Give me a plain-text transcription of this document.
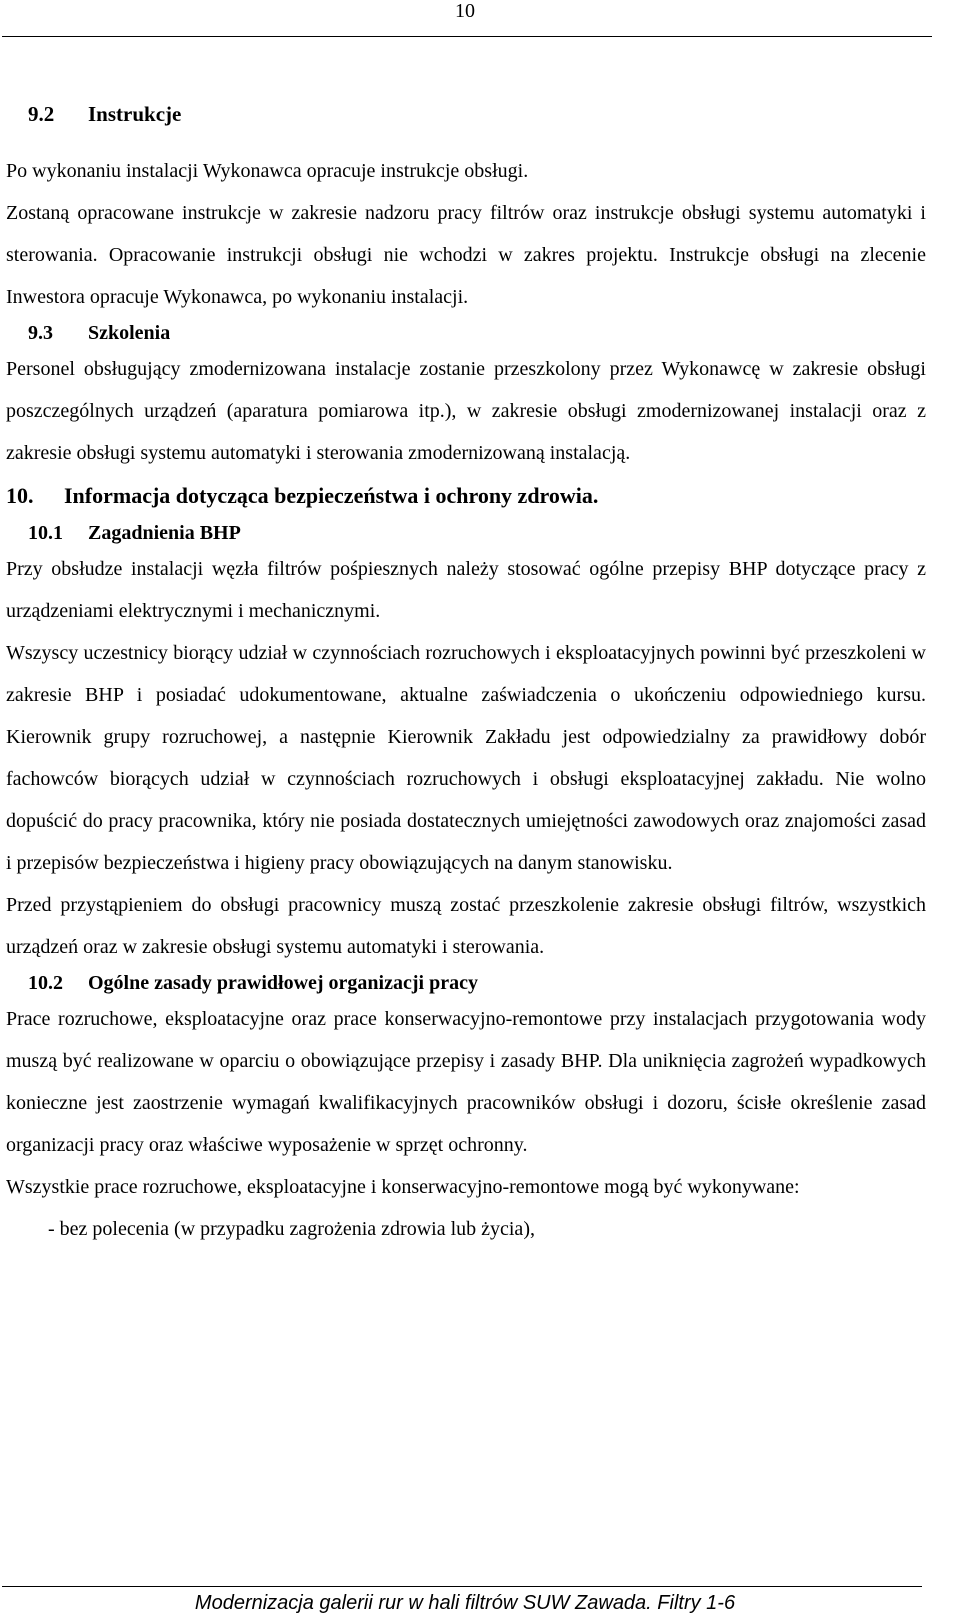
10
9.2 Instrukcje

Po wykonaniu instalacji Wykonawca opracuje instrukcje obsługi.

Zostaną opracowane instrukcje w zakresie nadzoru pracy filtrów oraz instrukcje obsługi systemu automatyki i sterowania. Opracowanie instrukcji obsługi nie wchodzi w zakres projektu. Instrukcje obsługi na zlecenie Inwestora opracuje Wykonawca, po wykonaniu instalacji.

9.3 Szkolenia

Personel obsługujący zmodernizowana instalacje zostanie przeszkolony przez Wykonawcę w zakresie obsługi poszczególnych urządzeń (aparatura pomiarowa itp.), w zakresie obsługi zmodernizowanej instalacji oraz z zakresie obsługi systemu automatyki i sterowania zmodernizowaną instalacją.

10. Informacja dotycząca bezpieczeństwa i ochrony zdrowia.
10.1 Zagadnienia BHP

Przy obsłudze instalacji węzła filtrów pośpiesznych należy stosować ogólne przepisy BHP dotyczące pracy z urządzeniami elektrycznymi i mechanicznymi.

Wszyscy uczestnicy biorący udział w czynnościach rozruchowych i eksploatacyjnych powinni być przeszkoleni w zakresie BHP i posiadać udokumentowane, aktualne zaświadczenia o ukończeniu odpowiedniego kursu. Kierownik grupy rozruchowej, a następnie Kierownik Zakładu jest odpowiedzialny za prawidłowy dobór fachowców biorących udział w czynnościach rozruchowych i obsługi eksploatacyjnej zakładu. Nie wolno dopuścić do pracy pracownika, który nie posiada dostatecznych umiejętności zawodowych oraz znajomości zasad i przepisów bezpieczeństwa i higieny pracy obowiązujących na danym stanowisku.

Przed przystąpieniem do obsługi pracownicy muszą zostać przeszkolenie zakresie obsługi filtrów, wszystkich urządzeń oraz w zakresie obsługi systemu automatyki i sterowania.

10.2 Ogólne zasady prawidłowej organizacji pracy

Prace rozruchowe, eksploatacyjne oraz prace konserwacyjno-remontowe przy instalacjach przygotowania wody muszą być realizowane w oparciu o obowiązujące przepisy i zasady BHP. Dla uniknięcia zagrożeń wypadkowych konieczne jest zaostrzenie wymagań kwalifikacyjnych pracowników obsługi i dozoru, ścisłe określenie zasad organizacji pracy oraz właściwe wyposażenie w sprzęt ochronny.

Wszystkie prace rozruchowe, eksploatacyjne i konserwacyjno-remontowe mogą być wykonywane:

- bez polecenia (w przypadku zagrożenia zdrowia lub życia),

Modernizacja galerii rur w hali filtrów SUW Zawada. Filtry 1-6
